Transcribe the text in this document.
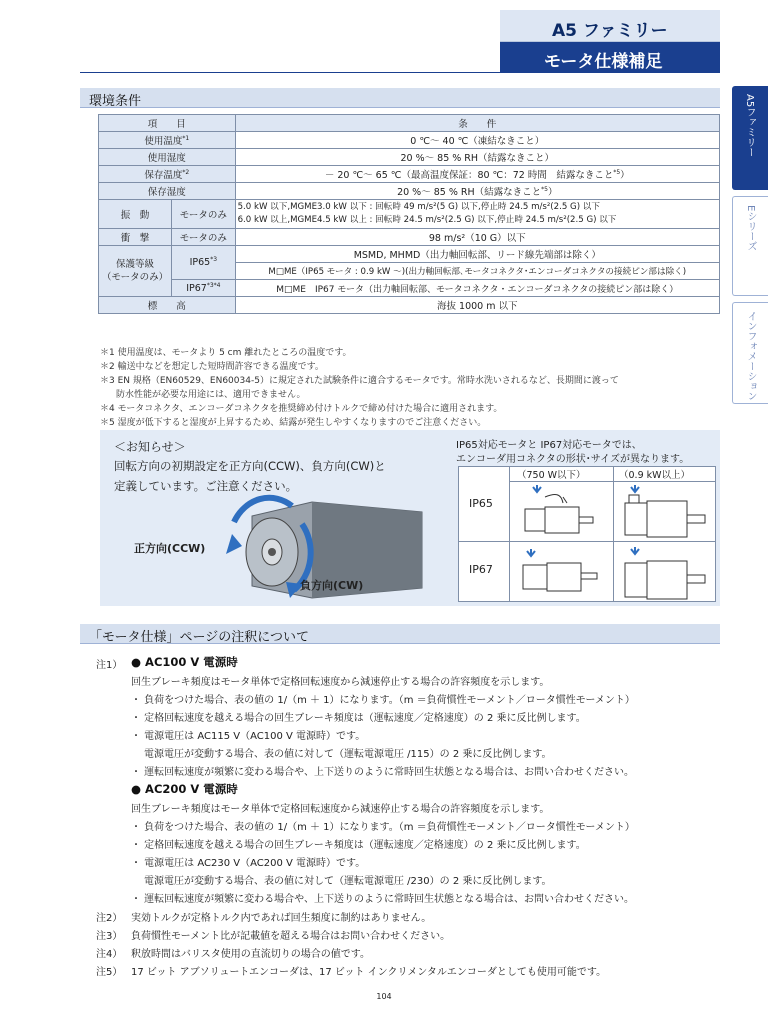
A5 ファミリー
モータ仕様補足
A5ファミリー
Eシリーズ
インフォメーション
環境条件
項　　目		条　　件
使用温度$^{*1}$		0 ℃～ 40 ℃（凍結なきこと）
使用湿度		20 %～ 85 % RH（結露なきこと）
保存温度$^{*2}$		－ 20 ℃～ 65 ℃（最高温度保証：80 ℃：72 時間　結露なきこと$^{*5}$）
保存湿度		20 %～ 85 % RH（結露なきこと$^{*5}$）
振　動	モータのみ	5.0 kW 以下,MGME3.0 kW 以下 : 回転時 49 m/s²(5 G) 以下,停止時 24.5 m/s²(2.5 G) 以下
6.0 kW 以上,MGME4.5 kW 以上 : 回転時 24.5 m/s²(2.5 G) 以下,停止時 24.5 m/s²(2.5 G) 以下

衝　撃	モータのみ	98 m/s²（10 G）以下

保護等級
（モータのみ）	IP65$^{*3}$	MSMD, MHMD（出力軸回転部、リード線先端部は除く）
		M□ME（IP65 モータ : 0.9 kW ～)(出力軸回転部､モータコネクタ･エンコーダコネクタの接続ピン部は除く)
	$IP67^{*3*4}$	M□ME　IP67 モータ（出力軸回転部、モータコネクタ・エンコーダコネクタの接続ピン部は除く）
標　　高		海抜 1000 m 以下
＊1 使用温度は、モータより 5 cm 離れたところの温度です。
＊2 輸送中などを想定した短時間許容できる温度です。
＊3 EN 規格（EN60529、EN60034-5）に規定された試験条件に適合するモータです。常時水洗いされるなど、長期間に渡って
防水性能が必要な用途には、適用できません。
＊4 モータコネクタ、エンコーダコネクタを推奨締め付けトルクで締め付けた場合に適用されます。
＊5 湿度が低下すると湿度が上昇するため、結露が発生しやすくなりますのでご注意ください。
＜お知らせ＞
回転方向の初期設定を正方向(CCW)、負方向(CW)と
定義しています。ご注意ください。
正方向(CCW)
負方向(CW)
IP65対応モータと IP67対応モータでは、
エンコーダ用コネクタの形状･サイズが異なります。
（750 W以下）	（0.9 kW以上）
IP65
IP67
「モータ仕様」ページの注釈について
注1） ● AC100 V 電源時
回生ブレーキ頻度はモータ単体で定格回転速度から減速停止する場合の許容頻度を示します。
・ 負荷をつけた場合、表の値の 1/（m ＋ 1）になります。（m ＝負荷慣性モーメント／ロータ慣性モーメント）
・ 定格回転速度を越える場合の回生ブレーキ頻度は（運転速度／定格速度）の 2 乗に反比例します。
・ 電源電圧は AC115 V（AC100 V 電源時）です。
電源電圧が変動する場合、表の値に対して（運転電源電圧 /115）の 2 乗に反比例します。
・ 運転回転速度が頻繁に変わる場合や、上下送りのように常時回生状態となる場合は、お問い合わせください。
● AC200 V 電源時
回生ブレーキ頻度はモータ単体で定格回転速度から減速停止する場合の許容頻度を示します。
・ 負荷をつけた場合、表の値の 1/（m ＋ 1）になります。（m ＝負荷慣性モーメント／ロータ慣性モーメント）
・ 定格回転速度を越える場合の回生ブレーキ頻度は（運転速度／定格速度）の 2 乗に反比例します。
・ 電源電圧は AC230 V（AC200 V 電源時）です。
電源電圧が変動する場合、表の値に対して（運転電源電圧 /230）の 2 乗に反比例します。
・ 運転回転速度が頻繁に変わる場合や、上下送りのように常時回生状態となる場合は、お問い合わせください。
注2） 実効トルクが定格トルク内であれば回生頻度に制約はありません。
注3） 負荷慣性モーメント比が記載値を超える場合はお問い合わせください。
注4） 釈放時間はバリスタ使用の直流切りの場合の値です。
注5） 17 ビット アブソリュートエンコーダは、17 ビット インクリメンタルエンコーダとしても使用可能です。
104
